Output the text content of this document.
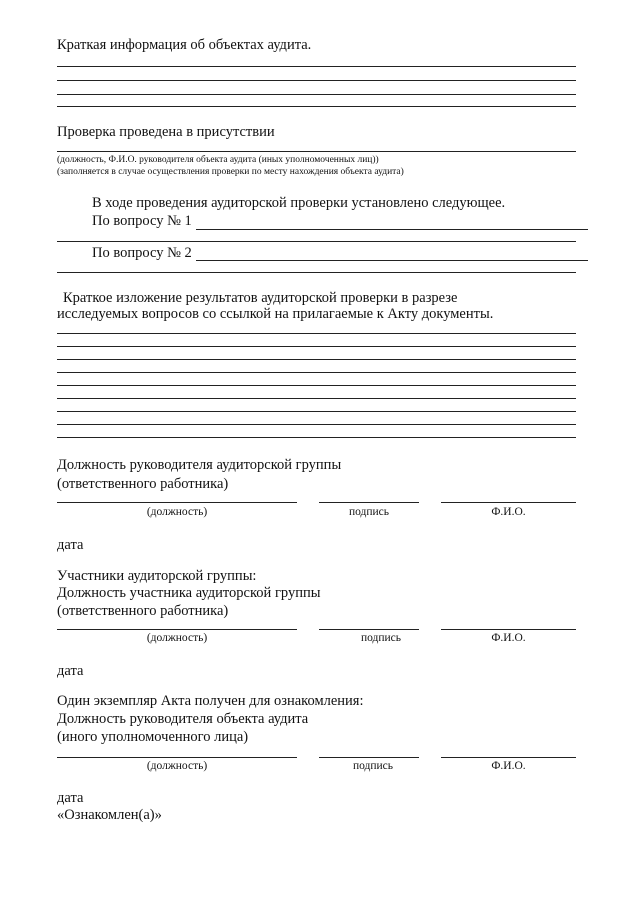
Краткая информация об объектах аудита.
Проверка проведена в присутствии
(должность, Ф.И.О. руководителя объекта аудита (иных уполномоченных лиц))
(заполняется в случае осуществления проверки по месту нахождения объекта аудита)
В ходе проведения аудиторской проверки установлено следующее.
По вопросу № 1
По вопросу № 2
Краткое изложение результатов аудиторской проверки в разрезе
исследуемых вопросов со ссылкой на прилагаемые к Акту документы.
Должность руководителя аудиторской группы
(ответственного работника)
(должность)	подпись	Ф.И.О.
дата
Участники аудиторской группы:
Должность участника аудиторской группы
(ответственного работника)
(должность)	подпись	Ф.И.О.
дата
Один экземпляр Акта получен для ознакомления:
Должность руководителя объекта аудита
(иного уполномоченного лица)
(должность)	подпись	Ф.И.О.
дата
«Ознакомлен(а)»
